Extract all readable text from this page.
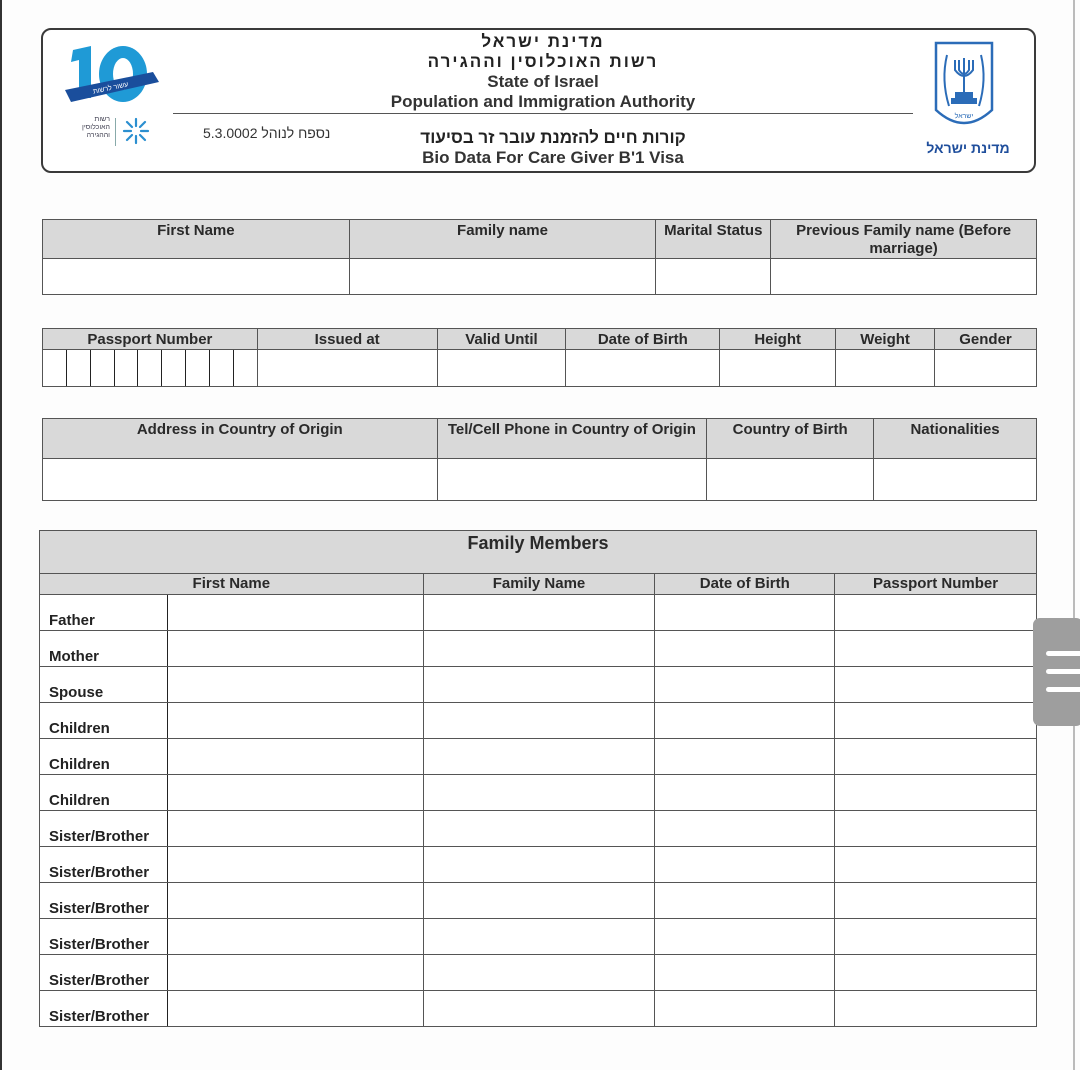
עשור לרשות
רשות האוכלוסין וההגירה	נספח לנוהל 5.3.0002
מדינת ישראל
רשות האוכלוסין וההגירה
State of Israel
Population and Immigration Authority
קורות חיים להזמנת עובר זר בסיעוד
Bio Data For Care Giver B'1 Visa
ישראל
מדינת ישראל
First Name	Family name	Marital Status	Previous Family name (Before marriage)

Passport Number	Issued at	Valid Until	Date of Birth	Height	Weight	Gender

Address in Country of Origin	Tel/Cell Phone in Country of Origin	Country of Birth	Nationalities

Family Members				
First Name		Family Name	Date of Birth	Passport Number
Father				
Mother				
Spouse				
Children				
Children				
Children				
Sister/Brother				
Sister/Brother				
Sister/Brother				
Sister/Brother				
Sister/Brother				
Sister/Brother				
